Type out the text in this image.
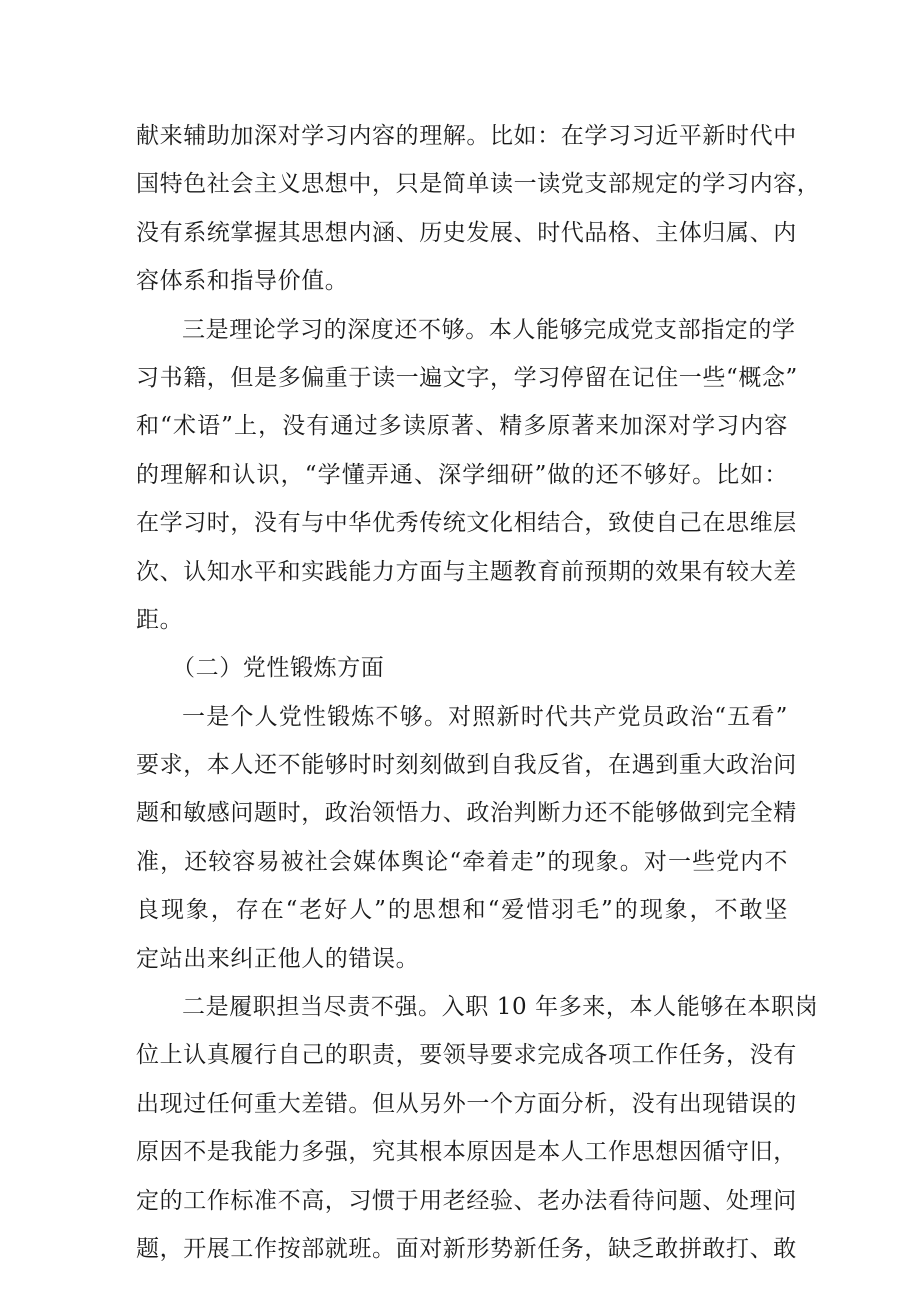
献来辅助加深对学习内容的理解。比如：在学习习近平新时代中
国特色社会主义思想中，只是简单读一读党支部规定的学习内容，
没有系统掌握其思想内涵、历史发展、时代品格、主体归属、内
容体系和指导价值。
三是理论学习的深度还不够。本人能够完成党支部指定的学
习书籍，但是多偏重于读一遍文字，学习停留在记住一些“概念”
和“术语”上，没有通过多读原著、精多原著来加深对学习内容
的理解和认识，“学懂弄通、深学细研”做的还不够好。比如：
在学习时，没有与中华优秀传统文化相结合，致使自己在思维层
次、认知水平和实践能力方面与主题教育前预期的效果有较大差
距。
（二）党性锻炼方面
一是个人党性锻炼不够。对照新时代共产党员政治“五看”
要求，本人还不能够时时刻刻做到自我反省，在遇到重大政治问
题和敏感问题时，政治领悟力、政治判断力还不能够做到完全精
准，还较容易被社会媒体舆论“牵着走”的现象。对一些党内不
良现象，存在“老好人”的思想和“爱惜羽毛”的现象，不敢坚
定站出来纠正他人的错误。
二是履职担当尽责不强。入职 10 年多来，本人能够在本职岗
位上认真履行自己的职责，要领导要求完成各项工作任务，没有
出现过任何重大差错。但从另外一个方面分析，没有出现错误的
原因不是我能力多强，究其根本原因是本人工作思想因循守旧，
定的工作标准不高，习惯于用老经验、老办法看待问题、处理问
题，开展工作按部就班。面对新形势新任务，缺乏敢拼敢打、敢
